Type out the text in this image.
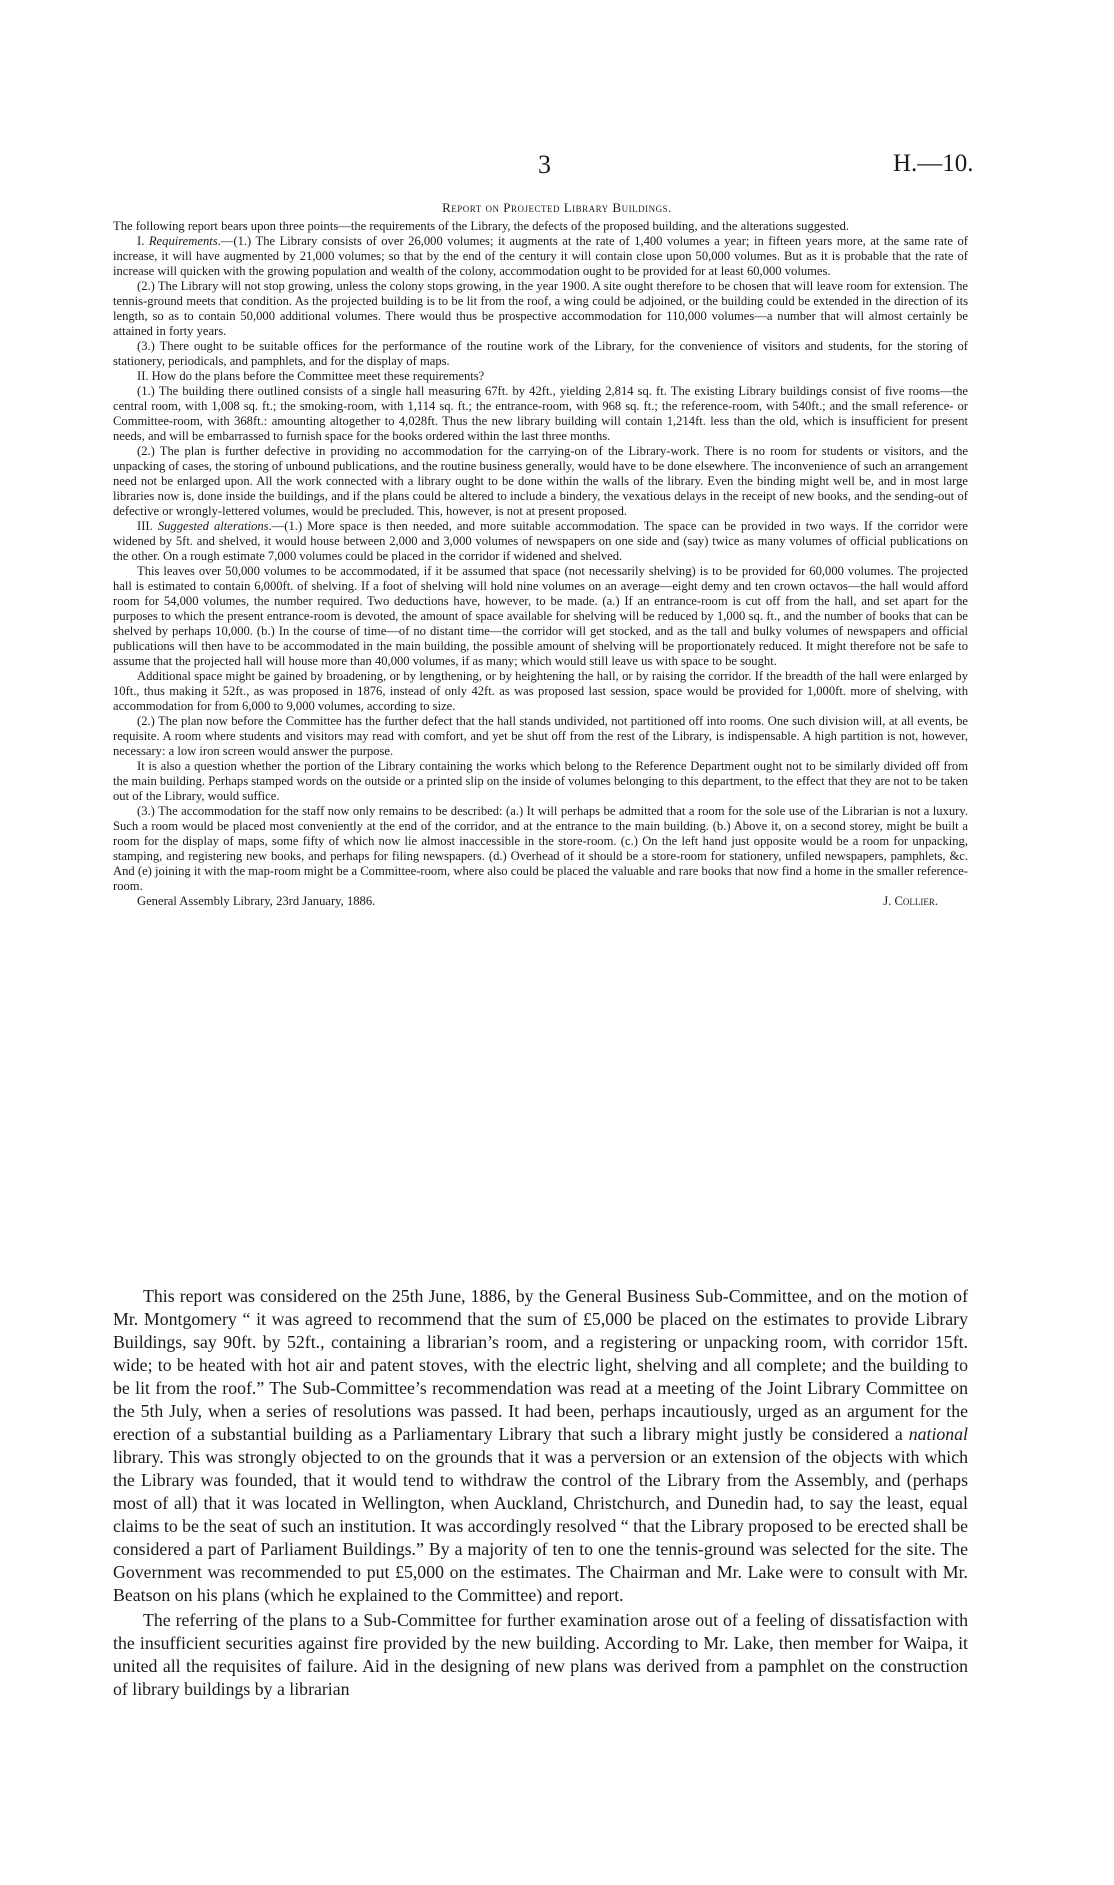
3	H.—10.
Report on Projected Library Buildings.

The following report bears upon three points—the requirements of the Library, the defects of the proposed building, and the alterations suggested.

I. Requirements.—(1.) The Library consists of over 26,000 volumes; it augments at the rate of 1,400 volumes a year; in fifteen years more, at the same rate of increase, it will have augmented by 21,000 volumes; so that by the end of the century it will contain close upon 50,000 volumes. But as it is probable that the rate of increase will quicken with the growing population and wealth of the colony, accommodation ought to be provided for at least 60,000 volumes.

(2.) The Library will not stop growing, unless the colony stops growing, in the year 1900. A site ought therefore to be chosen that will leave room for extension. The tennis-ground meets that condition. As the projected building is to be lit from the roof, a wing could be adjoined, or the building could be extended in the direction of its length, so as to contain 50,000 additional volumes. There would thus be prospective accommodation for 110,000 volumes—a number that will almost certainly be attained in forty years.

(3.) There ought to be suitable offices for the performance of the routine work of the Library, for the convenience of visitors and students, for the storing of stationery, periodicals, and pamphlets, and for the display of maps.

II. How do the plans before the Committee meet these requirements?

(1.) The building there outlined consists of a single hall measuring 67ft. by 42ft., yielding 2,814 sq. ft. The existing Library buildings consist of five rooms—the central room, with 1,008 sq. ft.; the smoking-room, with 1,114 sq. ft.; the entrance-room, with 968 sq. ft.; the reference-room, with 540ft.; and the small reference- or Committee-room, with 368ft.: amounting altogether to 4,028ft. Thus the new library building will contain 1,214ft. less than the old, which is insufficient for present needs, and will be embarrassed to furnish space for the books ordered within the last three months.

(2.) The plan is further defective in providing no accommodation for the carrying-on of the Library-work. There is no room for students or visitors, and the unpacking of cases, the storing of unbound publications, and the routine business generally, would have to be done elsewhere. The inconvenience of such an arrangement need not be enlarged upon. All the work connected with a library ought to be done within the walls of the library. Even the binding might well be, and in most large libraries now is, done inside the buildings, and if the plans could be altered to include a bindery, the vexatious delays in the receipt of new books, and the sending-out of defective or wrongly-lettered volumes, would be precluded. This, however, is not at present proposed.

III. Suggested alterations.—(1.) More space is then needed, and more suitable accommodation. The space can be provided in two ways. If the corridor were widened by 5ft. and shelved, it would house between 2,000 and 3,000 volumes of newspapers on one side and (say) twice as many volumes of official publications on the other. On a rough estimate 7,000 volumes could be placed in the corridor if widened and shelved.

This leaves over 50,000 volumes to be accommodated, if it be assumed that space (not necessarily shelving) is to be provided for 60,000 volumes. The projected hall is estimated to contain 6,000ft. of shelving. If a foot of shelving will hold nine volumes on an average—eight demy and ten crown octavos—the hall would afford room for 54,000 volumes, the number required. Two deductions have, however, to be made. (a.) If an entrance-room is cut off from the hall, and set apart for the purposes to which the present entrance-room is devoted, the amount of space available for shelving will be reduced by 1,000 sq. ft., and the number of books that can be shelved by perhaps 10,000. (b.) In the course of time—of no distant time—the corridor will get stocked, and as the tall and bulky volumes of newspapers and official publications will then have to be accommodated in the main building, the possible amount of shelving will be proportionately reduced. It might therefore not be safe to assume that the projected hall will house more than 40,000 volumes, if as many; which would still leave us with space to be sought.

Additional space might be gained by broadening, or by lengthening, or by heightening the hall, or by raising the corridor. If the breadth of the hall were enlarged by 10ft., thus making it 52ft., as was proposed in 1876, instead of only 42ft. as was proposed last session, space would be provided for 1,000ft. more of shelving, with accommodation for from 6,000 to 9,000 volumes, according to size.

(2.) The plan now before the Committee has the further defect that the hall stands undivided, not partitioned off into rooms. One such division will, at all events, be requisite. A room where students and visitors may read with comfort, and yet be shut off from the rest of the Library, is indispensable. A high partition is not, however, necessary: a low iron screen would answer the purpose.

It is also a question whether the portion of the Library containing the works which belong to the Reference Department ought not to be similarly divided off from the main building. Perhaps stamped words on the outside or a printed slip on the inside of volumes belonging to this department, to the effect that they are not to be taken out of the Library, would suffice.

(3.) The accommodation for the staff now only remains to be described: (a.) It will perhaps be admitted that a room for the sole use of the Librarian is not a luxury. Such a room would be placed most conveniently at the end of the corridor, and at the entrance to the main building. (b.) Above it, on a second storey, might be built a room for the display of maps, some fifty of which now lie almost inaccessible in the store-room. (c.) On the left hand just opposite would be a room for unpacking, stamping, and registering new books, and perhaps for filing newspapers. (d.) Overhead of it should be a store-room for stationery, unfiled newspapers, pamphlets, &c. And (e) joining it with the map-room might be a Committee-room, where also could be placed the valuable and rare books that now find a home in the smaller reference-room.

General Assembly Library, 23rd January, 1886.	J. Collier.

This report was considered on the 25th June, 1886, by the General Business Sub-Committee, and on the motion of Mr. Montgomery “ it was agreed to recommend that the sum of £5,000 be placed on the estimates to provide Library Buildings, say 90ft. by 52ft., containing a librarian’s room, and a registering or unpacking room, with corridor 15ft. wide; to be heated with hot air and patent stoves, with the electric light, shelving and all complete; and the building to be lit from the roof.” The Sub-Committee’s recommendation was read at a meeting of the Joint Library Committee on the 5th July, when a series of resolutions was passed. It had been, perhaps incautiously, urged as an argument for the erection of a substantial building as a Parliamentary Library that such a library might justly be considered a national library. This was strongly objected to on the grounds that it was a perversion or an extension of the objects with which the Library was founded, that it would tend to withdraw the control of the Library from the Assembly, and (perhaps most of all) that it was located in Wellington, when Auckland, Christchurch, and Dunedin had, to say the least, equal claims to be the seat of such an institution. It was accordingly resolved “ that the Library proposed to be erected shall be considered a part of Parliament Buildings.” By a majority of ten to one the tennis-ground was selected for the site. The Government was recommended to put £5,000 on the estimates. The Chairman and Mr. Lake were to consult with Mr. Beatson on his plans (which he explained to the Committee) and report.

The referring of the plans to a Sub-Committee for further examination arose out of a feeling of dissatisfaction with the insufficient securities against fire provided by the new building. According to Mr. Lake, then member for Waipa, it united all the requisites of failure. Aid in the designing of new plans was derived from a pamphlet on the construction of library buildings by a librarian
